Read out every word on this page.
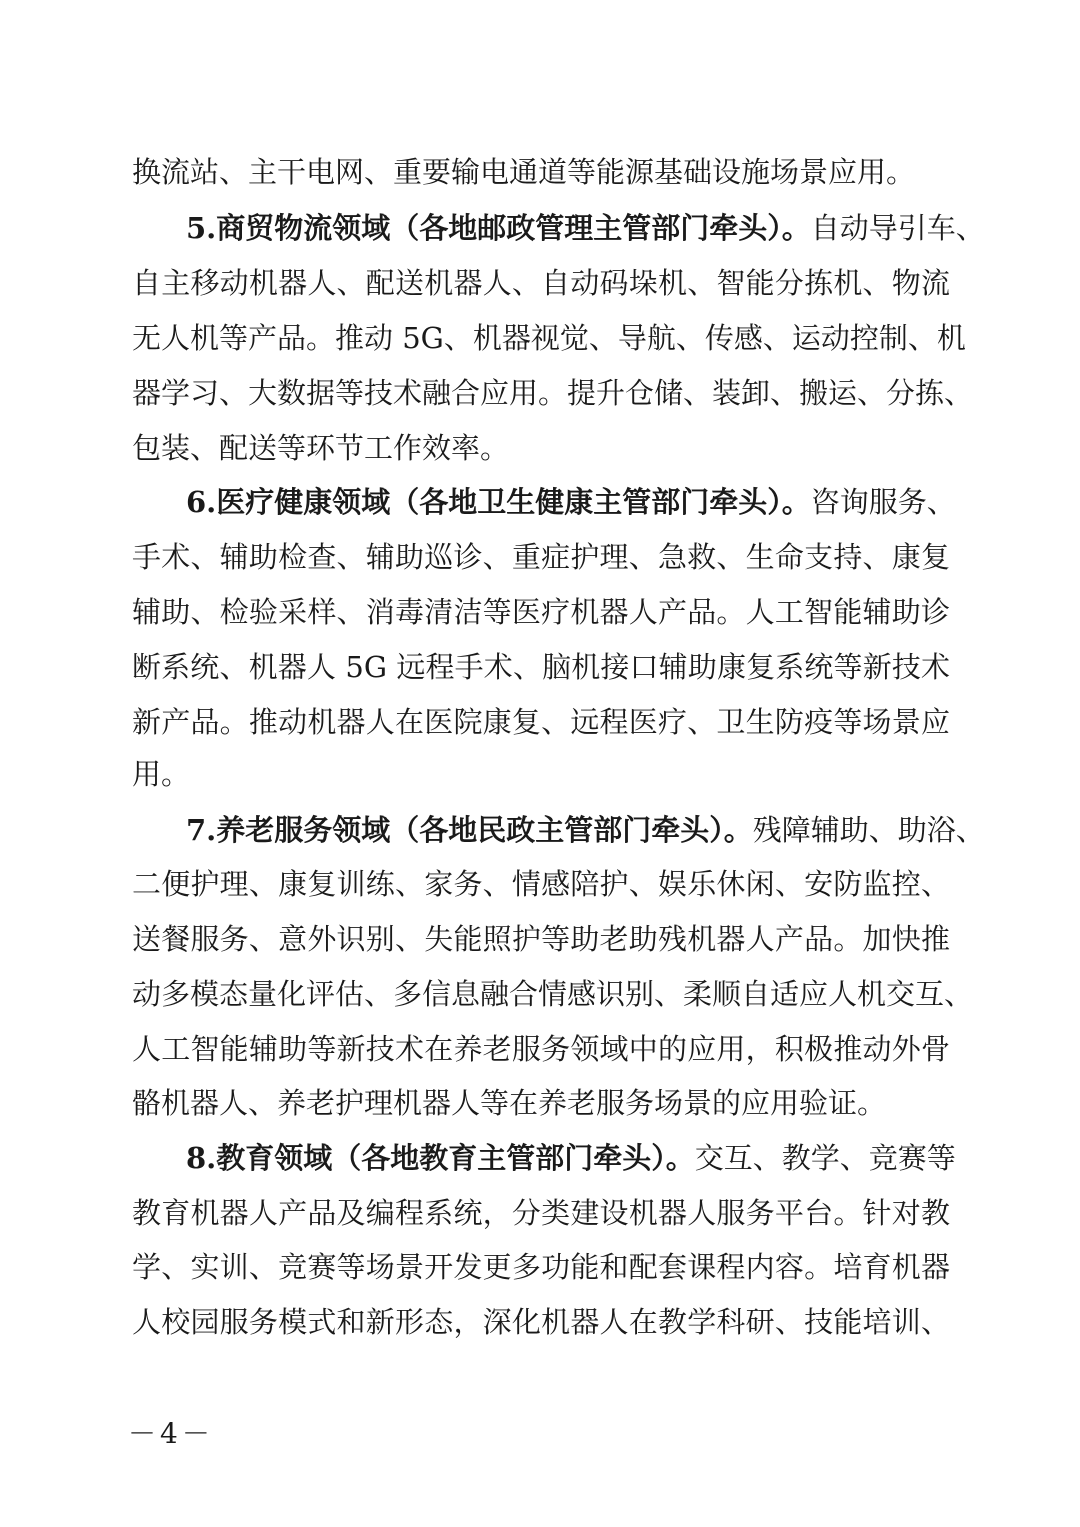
换流站、主干电网、重要输电通道等能源基础设施场景应用。
5.商贸物流领域（各地邮政管理主管部门牵头）。自动导引车、
自主移动机器人、配送机器人、自动码垛机、智能分拣机、物流
无人机等产品。推动 5G、机器视觉、导航、传感、运动控制、机
器学习、大数据等技术融合应用。提升仓储、装卸、搬运、分拣、
包装、配送等环节工作效率。
6.医疗健康领域（各地卫生健康主管部门牵头）。咨询服务、
手术、辅助检查、辅助巡诊、重症护理、急救、生命支持、康复
辅助、检验采样、消毒清洁等医疗机器人产品。人工智能辅助诊
断系统、机器人 5G 远程手术、脑机接口辅助康复系统等新技术
新产品。推动机器人在医院康复、远程医疗、卫生防疫等场景应
用。
7.养老服务领域（各地民政主管部门牵头）。残障辅助、助浴、
二便护理、康复训练、家务、情感陪护、娱乐休闲、安防监控、
送餐服务、意外识别、失能照护等助老助残机器人产品。加快推
动多模态量化评估、多信息融合情感识别、柔顺自适应人机交互、
人工智能辅助等新技术在养老服务领域中的应用，积极推动外骨
骼机器人、养老护理机器人等在养老服务场景的应用验证。
8.教育领域（各地教育主管部门牵头）。交互、教学、竞赛等
教育机器人产品及编程系统，分类建设机器人服务平台。针对教
学、实训、竞赛等场景开发更多功能和配套课程内容。培育机器
人校园服务模式和新形态，深化机器人在教学科研、技能培训、
－4－
